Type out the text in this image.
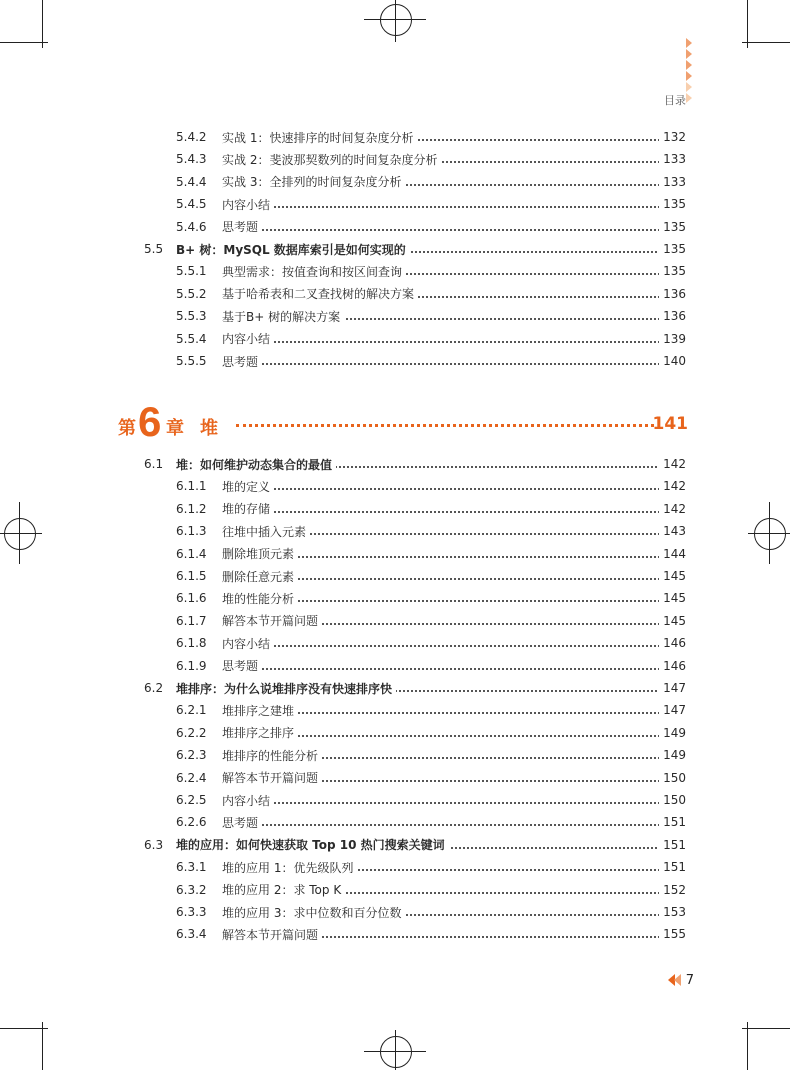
目录
5.4.2 实战 1：快速排序的时间复杂度分析	132
5.4.3 实战 2：斐波那契数列的时间复杂度分析	133
5.4.4 实战 3：全排列的时间复杂度分析	133
5.4.5 内容小结	135
5.4.6 思考题	135
5.5 B+ 树：MySQL 数据库索引是如何实现的	135
5.5.1 典型需求：按值查询和按区间查询	135
5.5.2 基于哈希表和二叉查找树的解决方案	136
5.5.3 基于B+ 树的解决方案	136
5.5.4 内容小结	139
5.5.5 思考题	140
第 6 章 堆	141
6.1 堆：如何维护动态集合的最值	142
6.1.1 堆的定义	142
6.1.2 堆的存储	142
6.1.3 往堆中插入元素	143
6.1.4 删除堆顶元素	144
6.1.5 删除任意元素	145
6.1.6 堆的性能分析	145
6.1.7 解答本节开篇问题	145
6.1.8 内容小结	146
6.1.9 思考题	146
6.2 堆排序：为什么说堆排序没有快速排序快	147
6.2.1 堆排序之建堆	147
6.2.2 堆排序之排序	149
6.2.3 堆排序的性能分析	149
6.2.4 解答本节开篇问题	150
6.2.5 内容小结	150
6.2.6 思考题	151
6.3 堆的应用：如何快速获取 Top 10 热门搜索关键词	151
6.3.1 堆的应用 1：优先级队列	151
6.3.2 堆的应用 2：求 Top K	152
6.3.3 堆的应用 3：求中位数和百分位数	153
6.3.4 解答本节开篇问题	155
7
